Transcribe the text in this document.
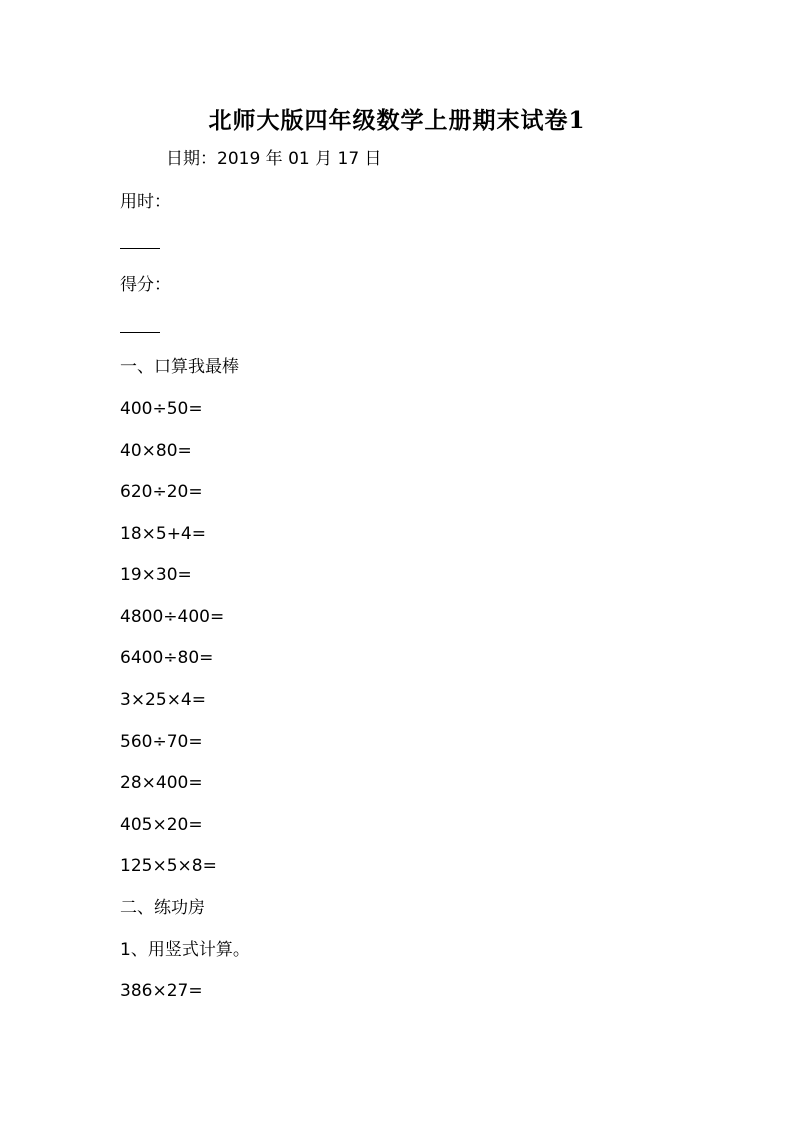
北师大版四年级数学上册期末试卷1
日期：2019 年 01 月 17 日
用时：
得分：
一、口算我最棒
400÷50=
40×80=
620÷20=
18×5+4=
19×30=
4800÷400=
6400÷80=
3×25×4=
560÷70=
28×400=
405×20=
125×5×8=
二、练功房
1、用竖式计算。
386×27=
